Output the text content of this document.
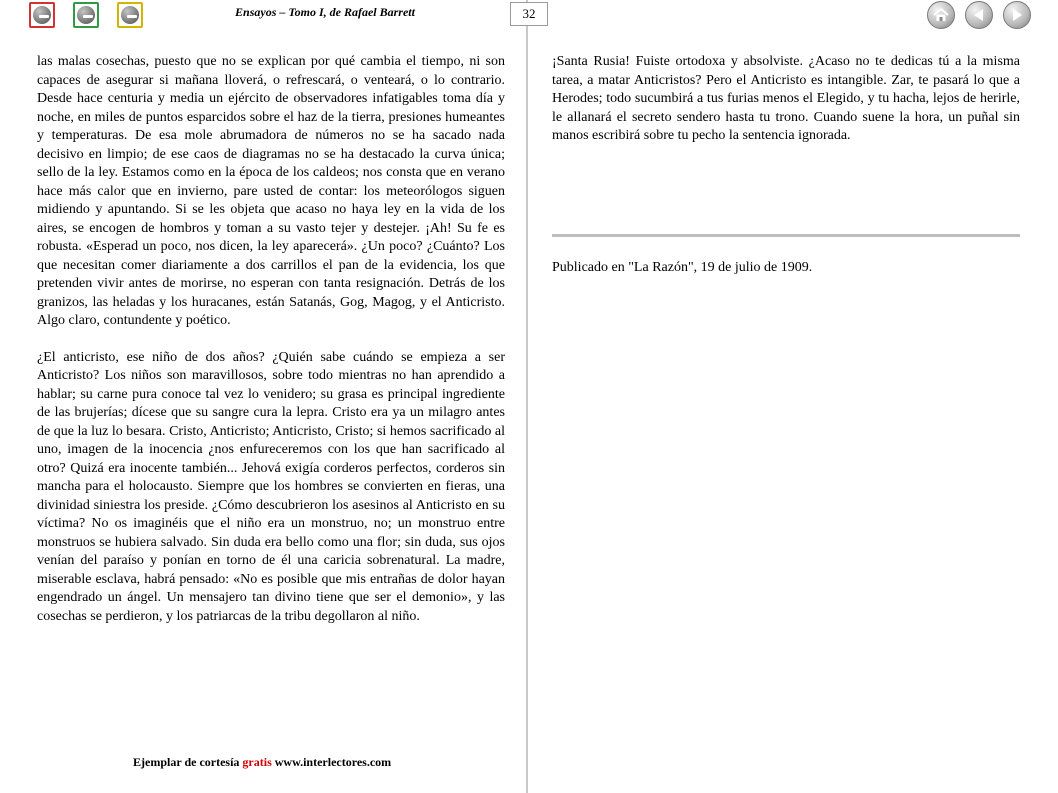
Ensayos – Tomo I, de Rafael Barrett

las malas cosechas, puesto que no se explican por qué cambia el tiempo, ni son capaces de asegurar si mañana lloverá, o refrescará, o venteará, o lo contrario. Desde hace centuria y media un ejército de observadores infatigables toma día y noche, en miles de puntos esparcidos sobre el haz de la tierra, presiones humeantes y temperaturas. De esa mole abrumadora de números no se ha sacado nada decisivo en limpio; de ese caos de diagramas no se ha destacado la curva única; sello de la ley. Estamos como en la época de los caldeos; nos consta que en verano hace más calor que en invierno, pare usted de contar: los meteorólogos siguen midiendo y apuntando. Si se les objeta que acaso no haya ley en la vida de los aires, se encogen de hombros y toman a su vasto tejer y destejer. ¡Ah! Su fe es robusta. «Esperad un poco, nos dicen, la ley aparecerá». ¿Un poco? ¿Cuánto? Los que necesitan comer diariamente a dos carrillos el pan de la evidencia, los que pretenden vivir antes de morirse, no esperan con tanta resignación. Detrás de los granizos, las heladas y los huracanes, están Satanás, Gog, Magog, y el Anticristo. Algo claro, contundente y poético.

¿El anticristo, ese niño de dos años? ¿Quién sabe cuándo se empieza a ser Anticristo? Los niños son maravillosos, sobre todo mientras no han aprendido a hablar; su carne pura conoce tal vez lo venidero; su grasa es principal ingrediente de las brujerías; dícese que su sangre cura la lepra. Cristo era ya un milagro antes de que la luz lo besara. Cristo, Anticristo; Anticristo, Cristo; si hemos sacrificado al uno, imagen de la inocencia ¿nos enfureceremos con los que han sacrificado al otro? Quizá era inocente también... Jehová exigía corderos perfectos, corderos sin mancha para el holocausto. Siempre que los hombres se convierten en fieras, una divinidad siniestra los preside. ¿Cómo descubrieron los asesinos al Anticristo en su víctima? No os imaginéis que el niño era un monstruo, no; un monstruo entre monstruos se hubiera salvado. Sin duda era bello como una flor; sin duda, sus ojos venían del paraíso y ponían en torno de él una caricia sobrenatural. La madre, miserable esclava, habrá pensado: «No es posible que mis entrañas de dolor hayan engendrado un ángel. Un mensajero tan divino tiene que ser el demonio», y las cosechas se perdieron, y los patriarcas de la tribu degollaron al niño.

Ejemplar de cortesía gratis www.interlectores.com
32

¡Santa Rusia! Fuiste ortodoxa y absolviste. ¿Acaso no te dedicas tú a la misma tarea, a matar Anticristos? Pero el Anticristo es intangible. Zar, te pasará lo que a Herodes; todo sucumbirá a tus furias menos el Elegido, y tu hacha, lejos de herirle, le allanará el secreto sendero hasta tu trono. Cuando suene la hora, un puñal sin manos escribirá sobre tu pecho la sentencia ignorada.

Publicado en "La Razón", 19 de julio de 1909.
